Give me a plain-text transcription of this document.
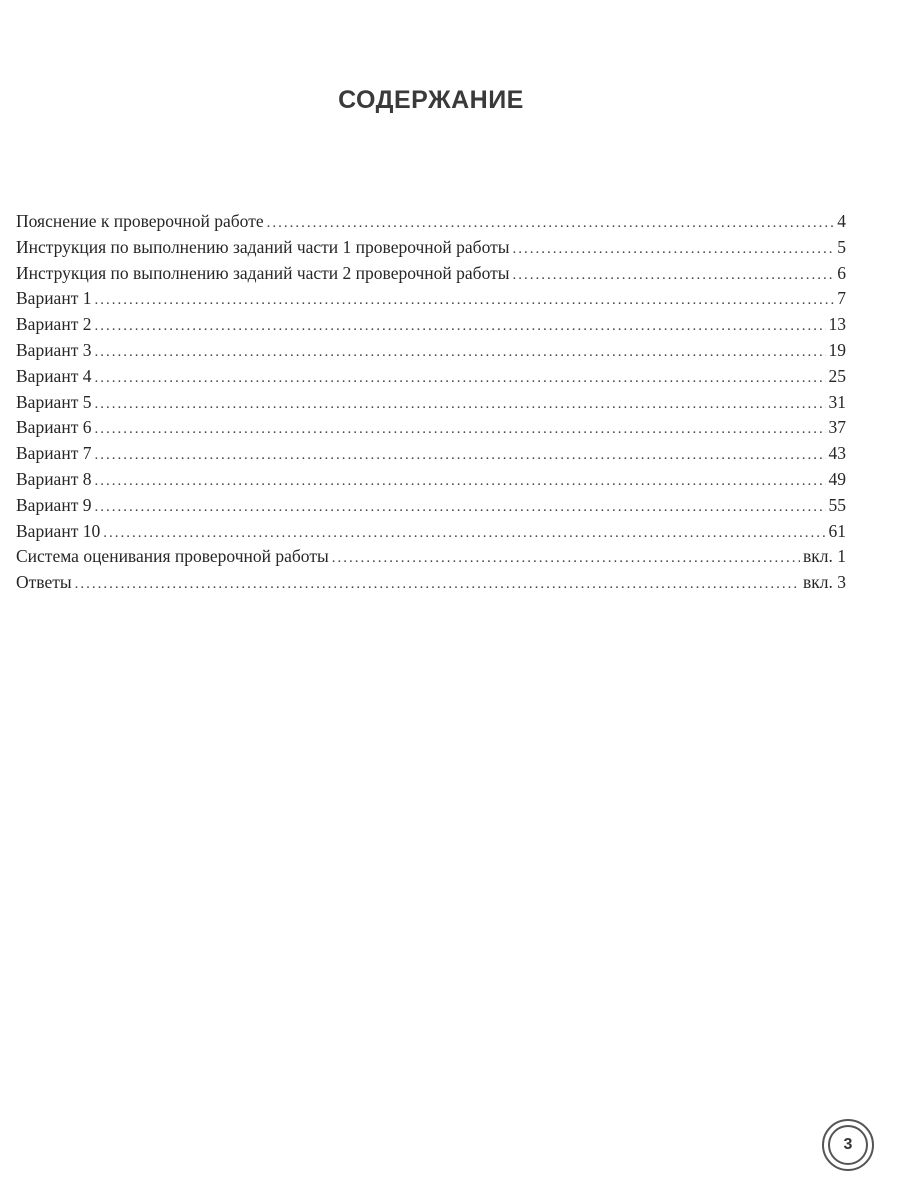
СОДЕРЖАНИЕ
Пояснение к проверочной работе .....	4
Инструкция по выполнению заданий части 1 проверочной работы .....	5
Инструкция по выполнению заданий части 2 проверочной работы .....	6
Вариант 1 .....	7
Вариант 2 .....	13
Вариант 3 .....	19
Вариант 4 .....	25
Вариант 5 .....	31
Вариант 6 .....	37
Вариант 7 .....	43
Вариант 8 .....	49
Вариант 9 .....	55
Вариант 10 .....	61
Система оценивания проверочной работы .....	вкл. 1
Ответы .....	вкл. 3
3
